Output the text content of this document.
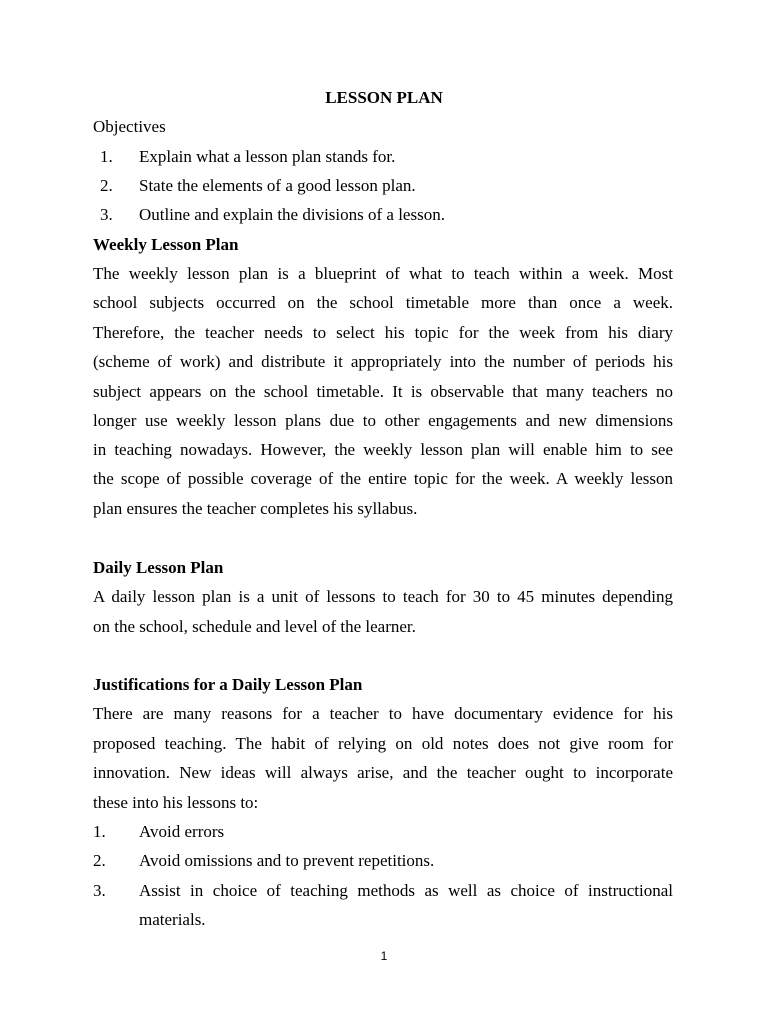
LESSON PLAN
Objectives
1. Explain what a lesson plan stands for.
2. State the elements of a good lesson plan.
3. Outline and explain the divisions of a lesson.
Weekly Lesson Plan
The weekly lesson plan is a blueprint of what to teach within a week. Most
school subjects occurred on the school timetable more than once a week.
Therefore, the teacher needs to select his topic for the week from his diary
(scheme of work) and distribute it appropriately into the number of periods his
subject appears on the school timetable. It is observable that many teachers no
longer use weekly lesson plans due to other engagements and new dimensions
in teaching nowadays. However, the weekly lesson plan will enable him to see
the scope of possible coverage of the entire topic for the week. A weekly lesson
plan ensures the teacher completes his syllabus.
Daily Lesson Plan
A daily lesson plan is a unit of lessons to teach for 30 to 45 minutes depending
on the school, schedule and level of the learner.
Justifications for a Daily Lesson Plan
There are many reasons for a teacher to have documentary evidence for his
proposed teaching. The habit of relying on old notes does not give room for
innovation. New ideas will always arise, and the teacher ought to incorporate
these into his lessons to:
1. Avoid errors
2. Avoid omissions and to prevent repetitions.
3. Assist in choice of teaching methods as well as choice of instructional
materials.
1
